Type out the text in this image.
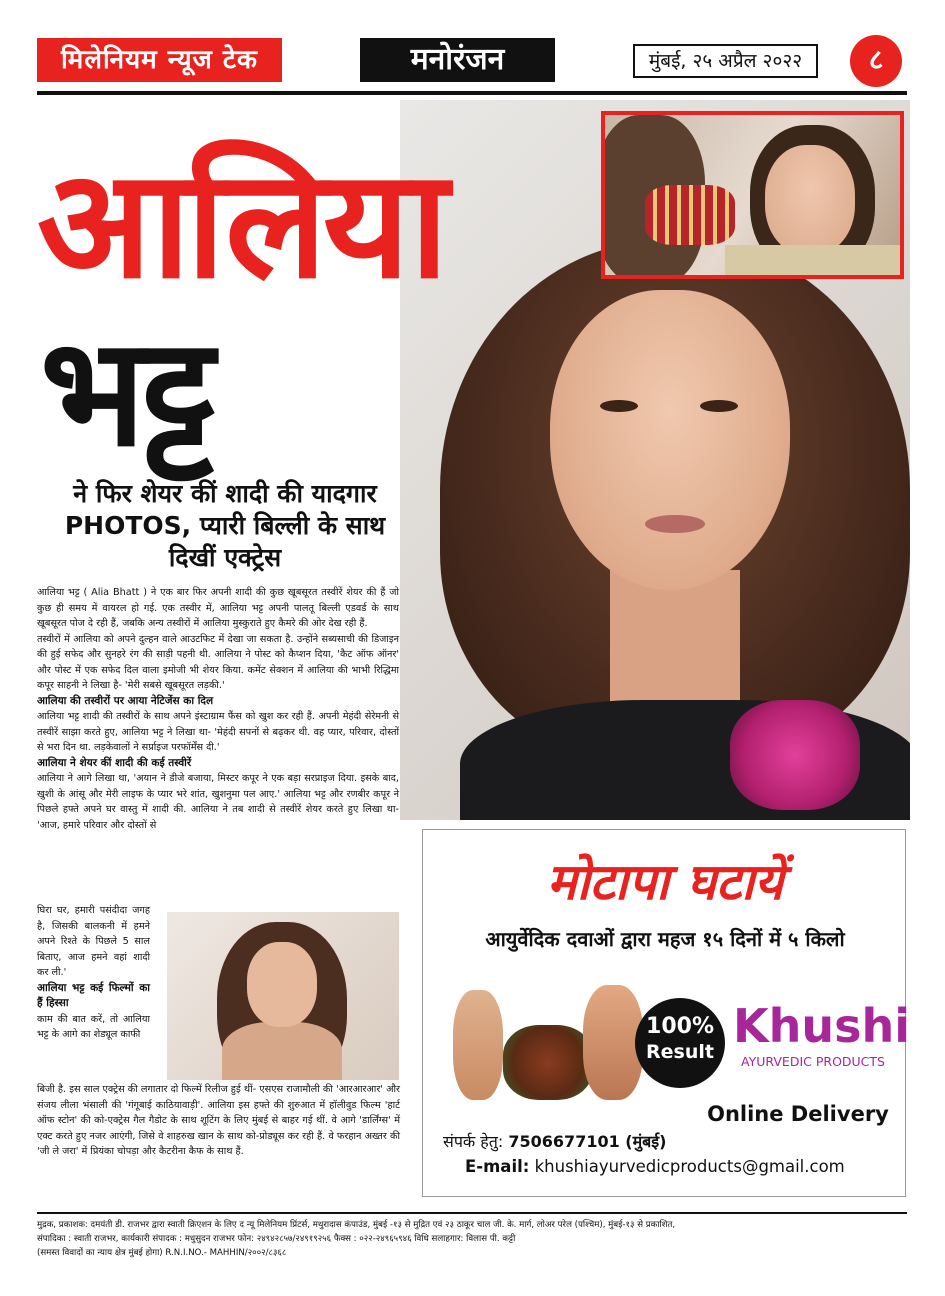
मिलेनियम न्यूज टेक	मनोरंजन	मुंबई, २५ अप्रैल २०२२	८
आलिया
भट्ट
ने फिर शेयर कीं शादी की यादगार PHOTOS, प्यारी बिल्ली के साथ दिखीं एक्ट्रेस

आलिया भट्ट ( Alia Bhatt ) ने एक बार फिर अपनी शादी की कुछ खूबसूरत तस्वीरें शेयर की हैं जो कुछ ही समय में वायरल हो गई. एक तस्वीर में, आलिया भट्ट अपनी पालतू बिल्ली एडवर्ड के साथ खूबसूरत पोज दे रही हैं, जबकि अन्य तस्वीरों में आलिया मुस्कुराते हुए कैमरे की ओर देख रही हैं.

तस्वीरों में आलिया को अपने दुल्हन वाले आउटफिट में देखा जा सकता है. उन्होंने सब्यसाची की डिजाइन की हुई सफेद और सुनहरे रंग की साड़ी पहनी थी. आलिया ने पोस्ट को कैप्शन दिया, 'कैट ऑफ ऑनर' और पोस्ट में एक सफेद दिल वाला इमोजी भी शेयर किया. कमेंट सेक्शन में आलिया की भाभी रिद्धिमा कपूर साहनी ने लिखा है- 'मेरी सबसे खूबसूरत लड़की.'

आलिया की तस्वीरों पर आया नेटिजेंस का दिल

आलिया भट्ट शादी की तस्वीरों के साथ अपने इंस्टाग्राम फैंस को खुश कर रही हैं. अपनी मेहंदी सेरेमनी से तस्वीरें साझा करते हुए, आलिया भट्ट ने लिखा था- 'मेहंदी सपनों से बढ़कर थी. वह प्यार, परिवार, दोस्तों से भरा दिन था. लड़केवालों ने सर्प्राइज परफॉर्मेंस दी.'

आलिया ने शेयर कीं शादी की कई तस्वीरें

आलिया ने आगे लिखा था, 'अयान ने डीजे बजाया, मिस्टर कपूर ने एक बड़ा सरप्राइज दिया. इसके बाद, खुशी के आंसू और मेरी लाइफ के प्यार भरे शांत, खुशनुमा पल आए.' आलिया भट्ट और रणबीर कपूर ने पिछले हफ्ते अपने घर वास्तु में शादी की. आलिया ने तब शादी से तस्वीरें शेयर करते हुए लिखा था- 'आज, हमारे परिवार और दोस्तों से

घिरा घर, हमारी पसंदीदा जगह है, जिसकी बालकनी में हमने अपने रिश्ते के पिछले 5 साल बिताए, आज हमने वहां शादी कर ली.'

आलिया भट्ट कई फिल्मों का हैं हिस्सा

काम की बात करें, तो आलिया भट्ट के आगे का शेड्यूल काफी

बिजी है. इस साल एक्ट्रेस की लगातार दो फिल्में रिलीज हुई थीं- एसएस राजामौली की 'आरआरआर' और संजय लीला भंसाली की 'गंगूबाई काठियावाड़ी'. आलिया इस हफ्ते की शुरुआत में हॉलीवुड फिल्म 'हार्ट ऑफ स्टोन' की को-एक्ट्रेस गैल गैडोट के साथ शूटिंग के लिए मुंबई से बाहर गई थीं. वे आगे 'डार्लिंग्स' में एक्ट करते हुए नजर आएंगी, जिसे वे शाहरुख खान के साथ को-प्रोड्यूस कर रही हैं. वे फरहान अख्तर की 'जी ले जरा' में प्रियंका चोपड़ा और कैटरीना कैफ के साथ हैं.

मोटापा घटायें
आयुर्वेदिक दवाओं द्वारा महज १५ दिनों में ५ किलो
100%
Result Khushi
AYURVEDIC PRODUCTS
Online Delivery
संपर्क हेतु: 7506677101 (मुंबई)
E-mail: khushiayurvedicproducts@gmail.com
मुद्रक, प्रकाशक: दमयंती डी. राजभर द्वारा स्वाती क्रिएशन के लिए द न्यू मिलेनियम प्रिंटर्स, मथुरादास कंपाउंड, मुंबई -१३ से मुद्रित एवं २३ ठाकूर चाल जी. के. मार्ग, लोअर परेल (पश्चिम), मुंबई-१३ से प्रकाशित,
संपादिका : स्वाती राजभर, कार्यकारी संपादक : मधुसुदन राजभर फोन: २४९४२८५७/२४९१९२५६ फैक्स : ०२२-२४९६५९४६ विधि सलाहगार: विलास पी. कट्टी
(समस्त विवादों का न्याय क्षेत्र मुंबई होगा) R.N.I.NO.- MAHHIN/२००२/८३६८
